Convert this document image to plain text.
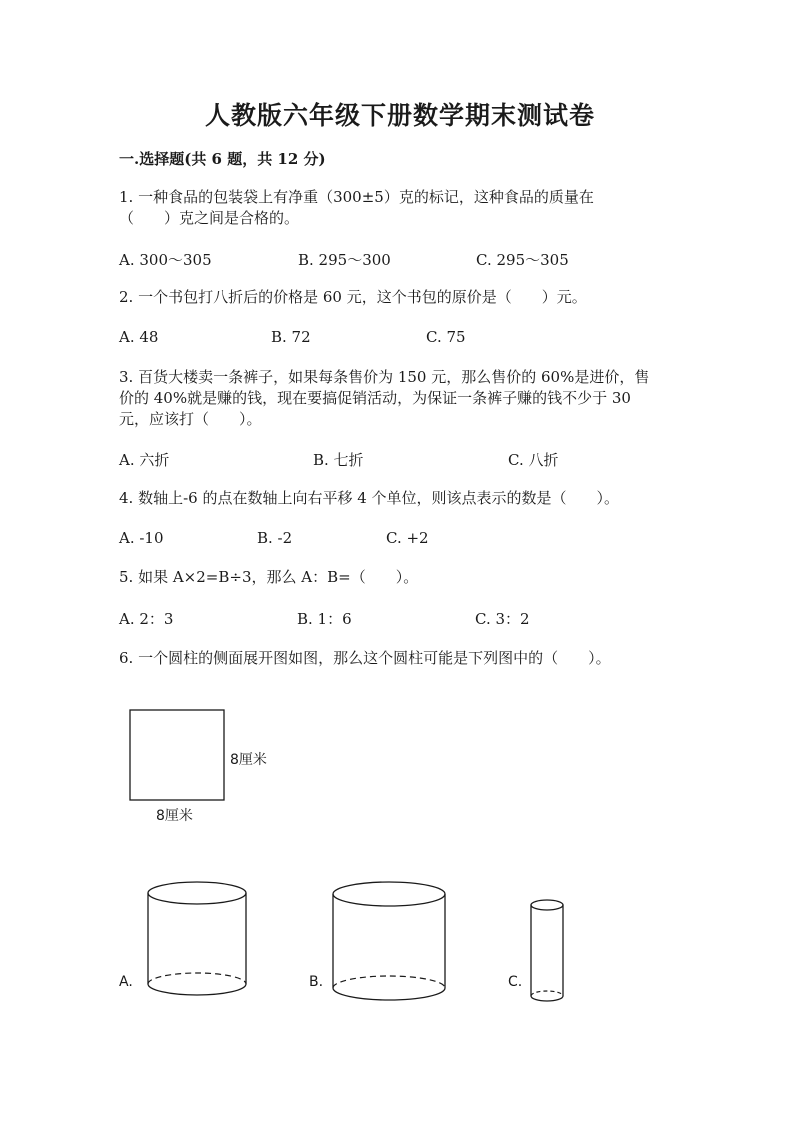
人教版六年级下册数学期末测试卷
一.选择题(共 6 题，共 12 分)
1. 一种食品的包装袋上有净重（300±5）克的标记，这种食品的质量在
（　　）克之间是合格的。
A. 300～305	B. 295～300	C. 295～305
2. 一个书包打八折后的价格是 60 元，这个书包的原价是（　　）元。
A. 48	B. 72	C. 75
3. 百货大楼卖一条裤子，如果每条售价为 150 元，那么售价的 60%是进价，售
价的 40%就是赚的钱，现在要搞促销活动，为保证一条裤子赚的钱不少于 30
元，应该打（　　）。
A. 六折	B. 七折	C. 八折
4. 数轴上-6 的点在数轴上向右平移 4 个单位，则该点表示的数是（　　）。
A. -10	B. -2	C. +2
5. 如果 A×2=B÷3，那么 A：B=（　　）。
A. 2：3	B. 1：6	C. 3：2
6. 一个圆柱的侧面展开图如图，那么这个圆柱可能是下列图中的（　　）。
8厘米
8厘米
A.	B.	C.
